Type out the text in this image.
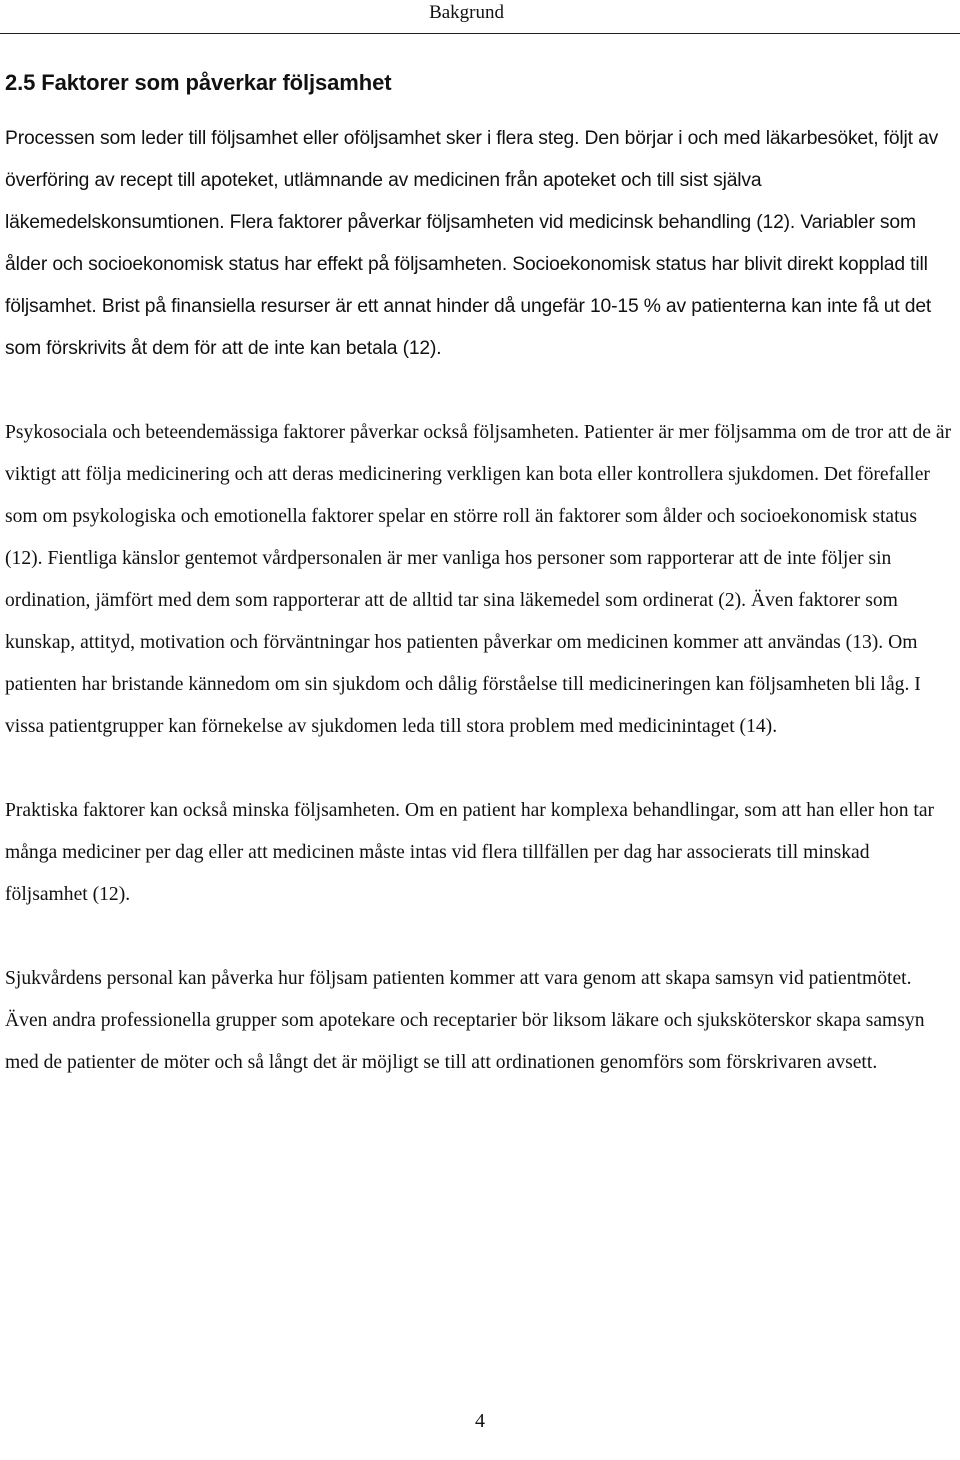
Bakgrund
2.5 Faktorer som påverkar följsamhet

Processen som leder till följsamhet eller oföljsamhet sker i flera steg. Den börjar i och med läkarbesöket, följt av överföring av recept till apoteket, utlämnande av medicinen från apoteket och till sist själva läkemedelskonsumtionen. Flera faktorer påverkar följsamheten vid medicinsk behandling (12). Variabler som ålder och socioekonomisk status har effekt på följsamheten. Socioekonomisk status har blivit direkt kopplad till följsamhet. Brist på finansiella resurser är ett annat hinder då ungefär 10-15 % av patienterna kan inte få ut det som förskrivits åt dem för att de inte kan betala (12).

Psykosociala och beteendemässiga faktorer påverkar också följsamheten. Patienter är mer följsamma om de tror att de är viktigt att följa medicinering och att deras medicinering verkligen kan bota eller kontrollera sjukdomen. Det förefaller som om psykologiska och emotionella faktorer spelar en större roll än faktorer som ålder och socioekonomisk status (12). Fientliga känslor gentemot vårdpersonalen är mer vanliga hos personer som rapporterar att de inte följer sin ordination, jämfört med dem som rapporterar att de alltid tar sina läkemedel som ordinerat (2). Även faktorer som kunskap, attityd, motivation och förväntningar hos patienten påverkar om medicinen kommer att användas (13). Om patienten har bristande kännedom om sin sjukdom och dålig förståelse till medicineringen kan följsamheten bli låg. I vissa patientgrupper kan förnekelse av sjukdomen leda till stora problem med medicinintaget (14).

Praktiska faktorer kan också minska följsamheten. Om en patient har komplexa behandlingar, som att han eller hon tar många mediciner per dag eller att medicinen måste intas vid flera tillfällen per dag har associerats till minskad följsamhet (12).

Sjukvårdens personal kan påverka hur följsam patienten kommer att vara genom att skapa samsyn vid patientmötet. Även andra professionella grupper som apotekare och receptarier bör liksom läkare och sjuksköterskor skapa samsyn med de patienter de möter och så långt det är möjligt se till att ordinationen genomförs som förskrivaren avsett.

4
